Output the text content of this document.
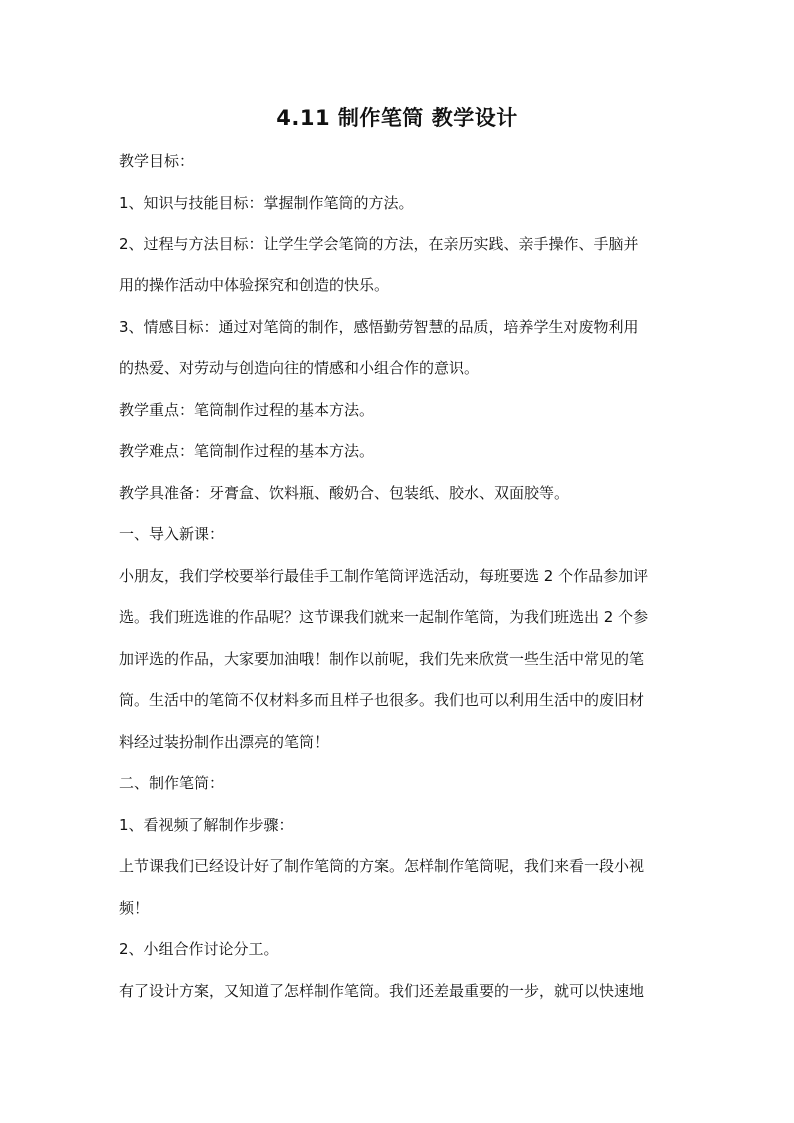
4.11 制作笔筒 教学设计
教学目标：
1、知识与技能目标：掌握制作笔筒的方法。
2、过程与方法目标：让学生学会笔筒的方法，在亲历实践、亲手操作、手脑并
用的操作活动中体验探究和创造的快乐。
3、情感目标：通过对笔筒的制作，感悟勤劳智慧的品质，培养学生对废物利用
的热爱、对劳动与创造向往的情感和小组合作的意识。
教学重点：笔筒制作过程的基本方法。
教学难点：笔筒制作过程的基本方法。
教学具准备：牙膏盒、饮料瓶、酸奶合、包装纸、胶水、双面胶等。
一、导入新课：
小朋友，我们学校要举行最佳手工制作笔筒评选活动，每班要选 2 个作品参加评
选。我们班选谁的作品呢？这节课我们就来一起制作笔筒，为我们班选出 2 个参
加评选的作品，大家要加油哦！制作以前呢，我们先来欣赏一些生活中常见的笔
筒。生活中的笔筒不仅材料多而且样子也很多。我们也可以利用生活中的废旧材
料经过装扮制作出漂亮的笔筒！
二、制作笔筒：
1、看视频了解制作步骤：
上节课我们已经设计好了制作笔筒的方案。怎样制作笔筒呢，我们来看一段小视
频！
2、小组合作讨论分工。
有了设计方案，又知道了怎样制作笔筒。我们还差最重要的一步，就可以快速地
